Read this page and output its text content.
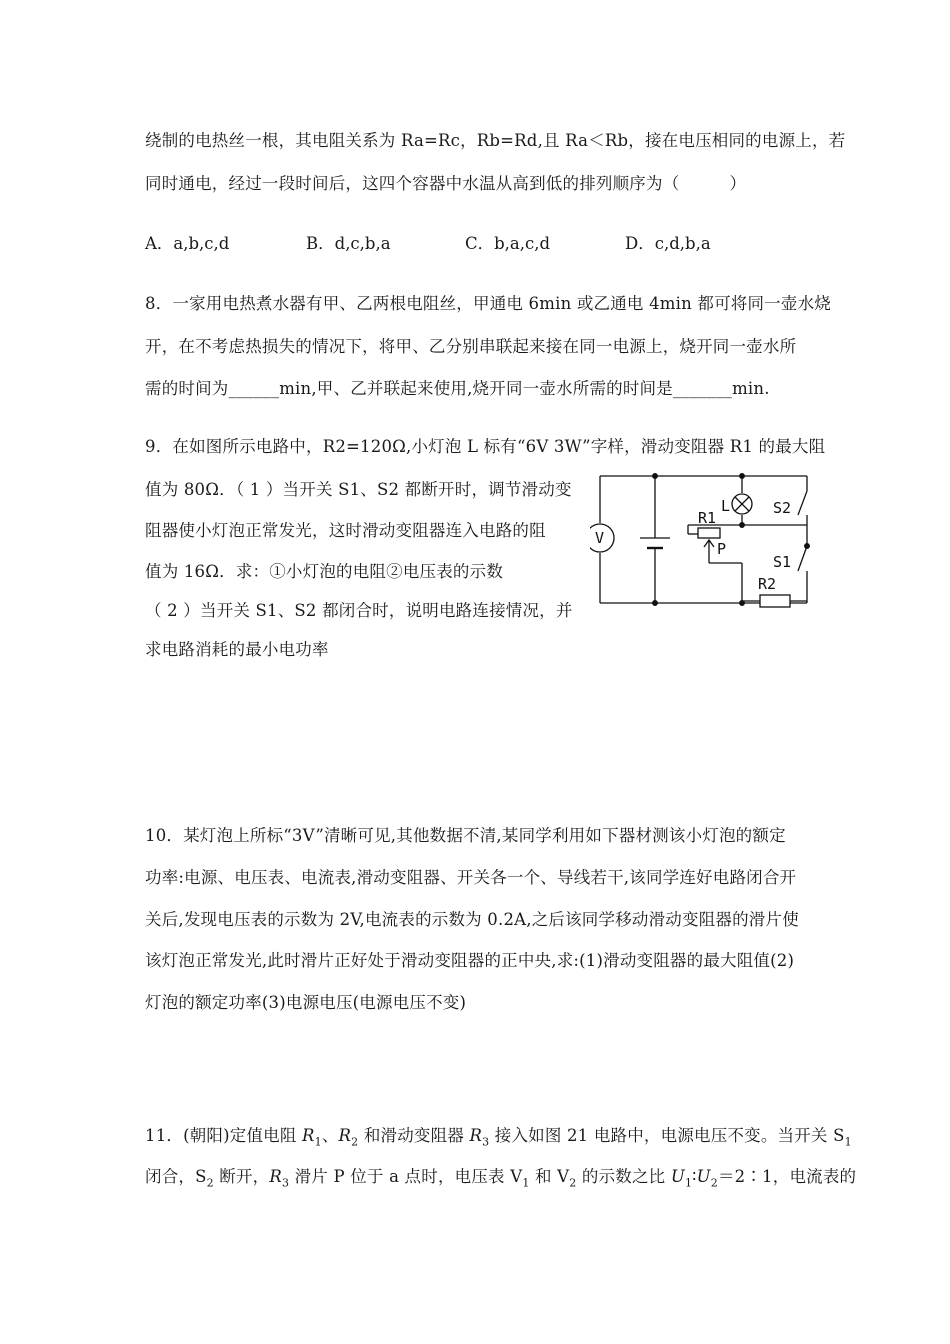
绕制的电热丝一根，其电阻关系为 Ra=Rc，Rb=Rd,且 Ra＜Rb，接在电压相同的电源上，若
同时通电，经过一段时间后，这四个容器中水温从高到低的排列顺序为（　　　）
A．a,b,c,d	B．d,c,b,a	C．b,a,c,d	D．c,d,b,a
8．一家用电热煮水器有甲、乙两根电阻丝，甲通电 6min 或乙通电 4min 都可将同一壶水烧
开，在不考虑热损失的情况下，将甲、乙分别串联起来接在同一电源上，烧开同一壶水所
需的时间为______min,甲、乙并联起来使用,烧开同一壶水所需的时间是_______min.
9．在如图所示电路中，R2=120Ω,小灯泡 L 标有“6V 3W”字样，滑动变阻器 R1 的最大阻
值为 80Ω．（ 1 ）当开关 S1、S2 都断开时，调节滑动变
阻器使小灯泡正常发光，这时滑动变阻器连入电路的阻
值为 16Ω．求：①小灯泡的电阻②电压表的示数
（ 2 ）当开关 S1、S2 都闭合时，说明电路连接情况，并
求电路消耗的最小电功率
V
L
R1
P
S2
S1
R2
10．某灯泡上所标“3V”清晰可见,其他数据不清,某同学利用如下器材测该小灯泡的额定
功率:电源、电压表、电流表,滑动变阻器、开关各一个、导线若干,该同学连好电路闭合开
关后,发现电压表的示数为 2V,电流表的示数为 0.2A,之后该同学移动滑动变阻器的滑片使
该灯泡正常发光,此时滑片正好处于滑动变阻器的正中央,求:(1)滑动变阻器的最大阻值(2)
灯泡的额定功率(3)电源电压(电源电压不变)
11．(朝阳)定值电阻 $R_1$、$R_2$ 和滑动变阻器 $R_3$ 接入如图 21 电路中，电源电压不变。当开关 $S_1$
闭合，$S_2$ 断开，$R_3$ 滑片 P 位于 a 点时，电压表 $V_1$ 和 $V_2$ 的示数之比 $U_1∶U_2=2∶1$，电流表的
